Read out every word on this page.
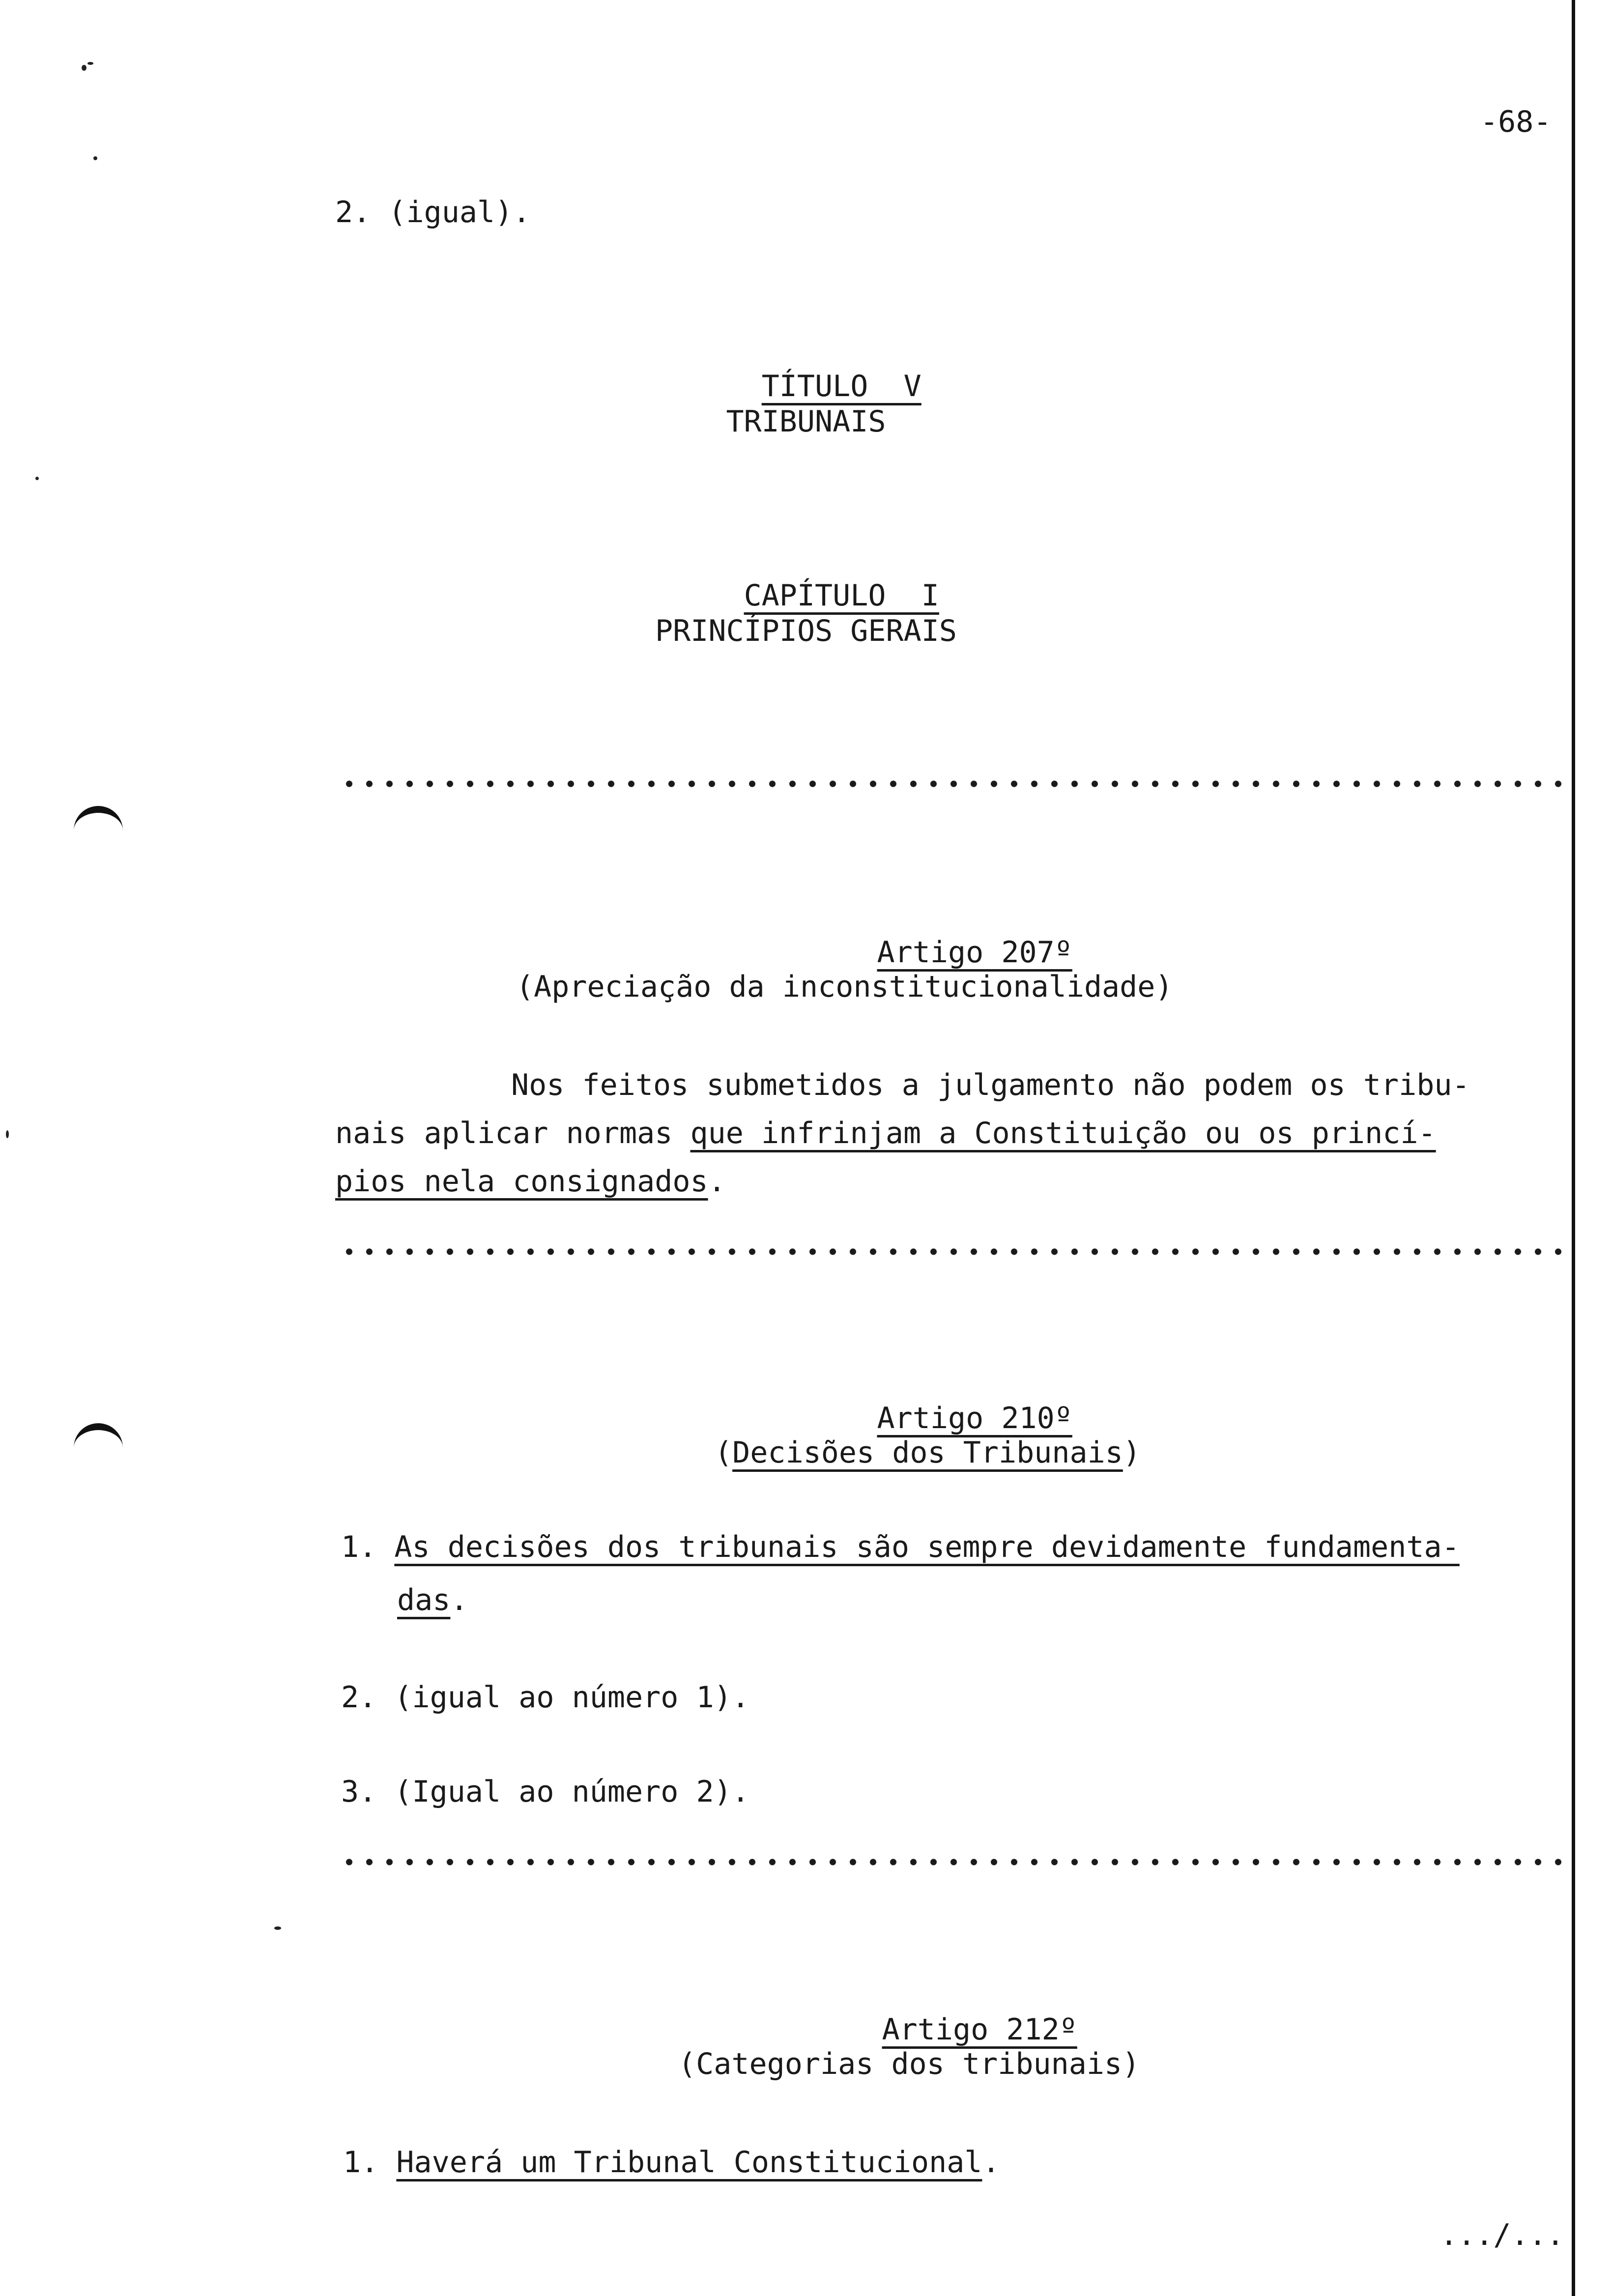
-68-
2. (igual).

TÍTULO  V

TRIBUNAIS

CAPÍTULO  I

PRINCÍPIOS GERAIS

Artigo 207º

(Apreciação da inconstitucionalidade)
Nos feitos submetidos a julgamento não podem os tribu-
nais aplicar normas que infrinjam a Constituição ou os princí-
pios nela consignados.

Artigo 210º

(Decisões dos Tribunais)
1. As decisões dos tribunais são sempre devidamente fundamenta-
das.
2. (igual ao número 1).
3. (Igual ao número 2).

Artigo 212º

(Categorias dos tribunais)
1. Haverá um Tribunal Constitucional.
.../...
